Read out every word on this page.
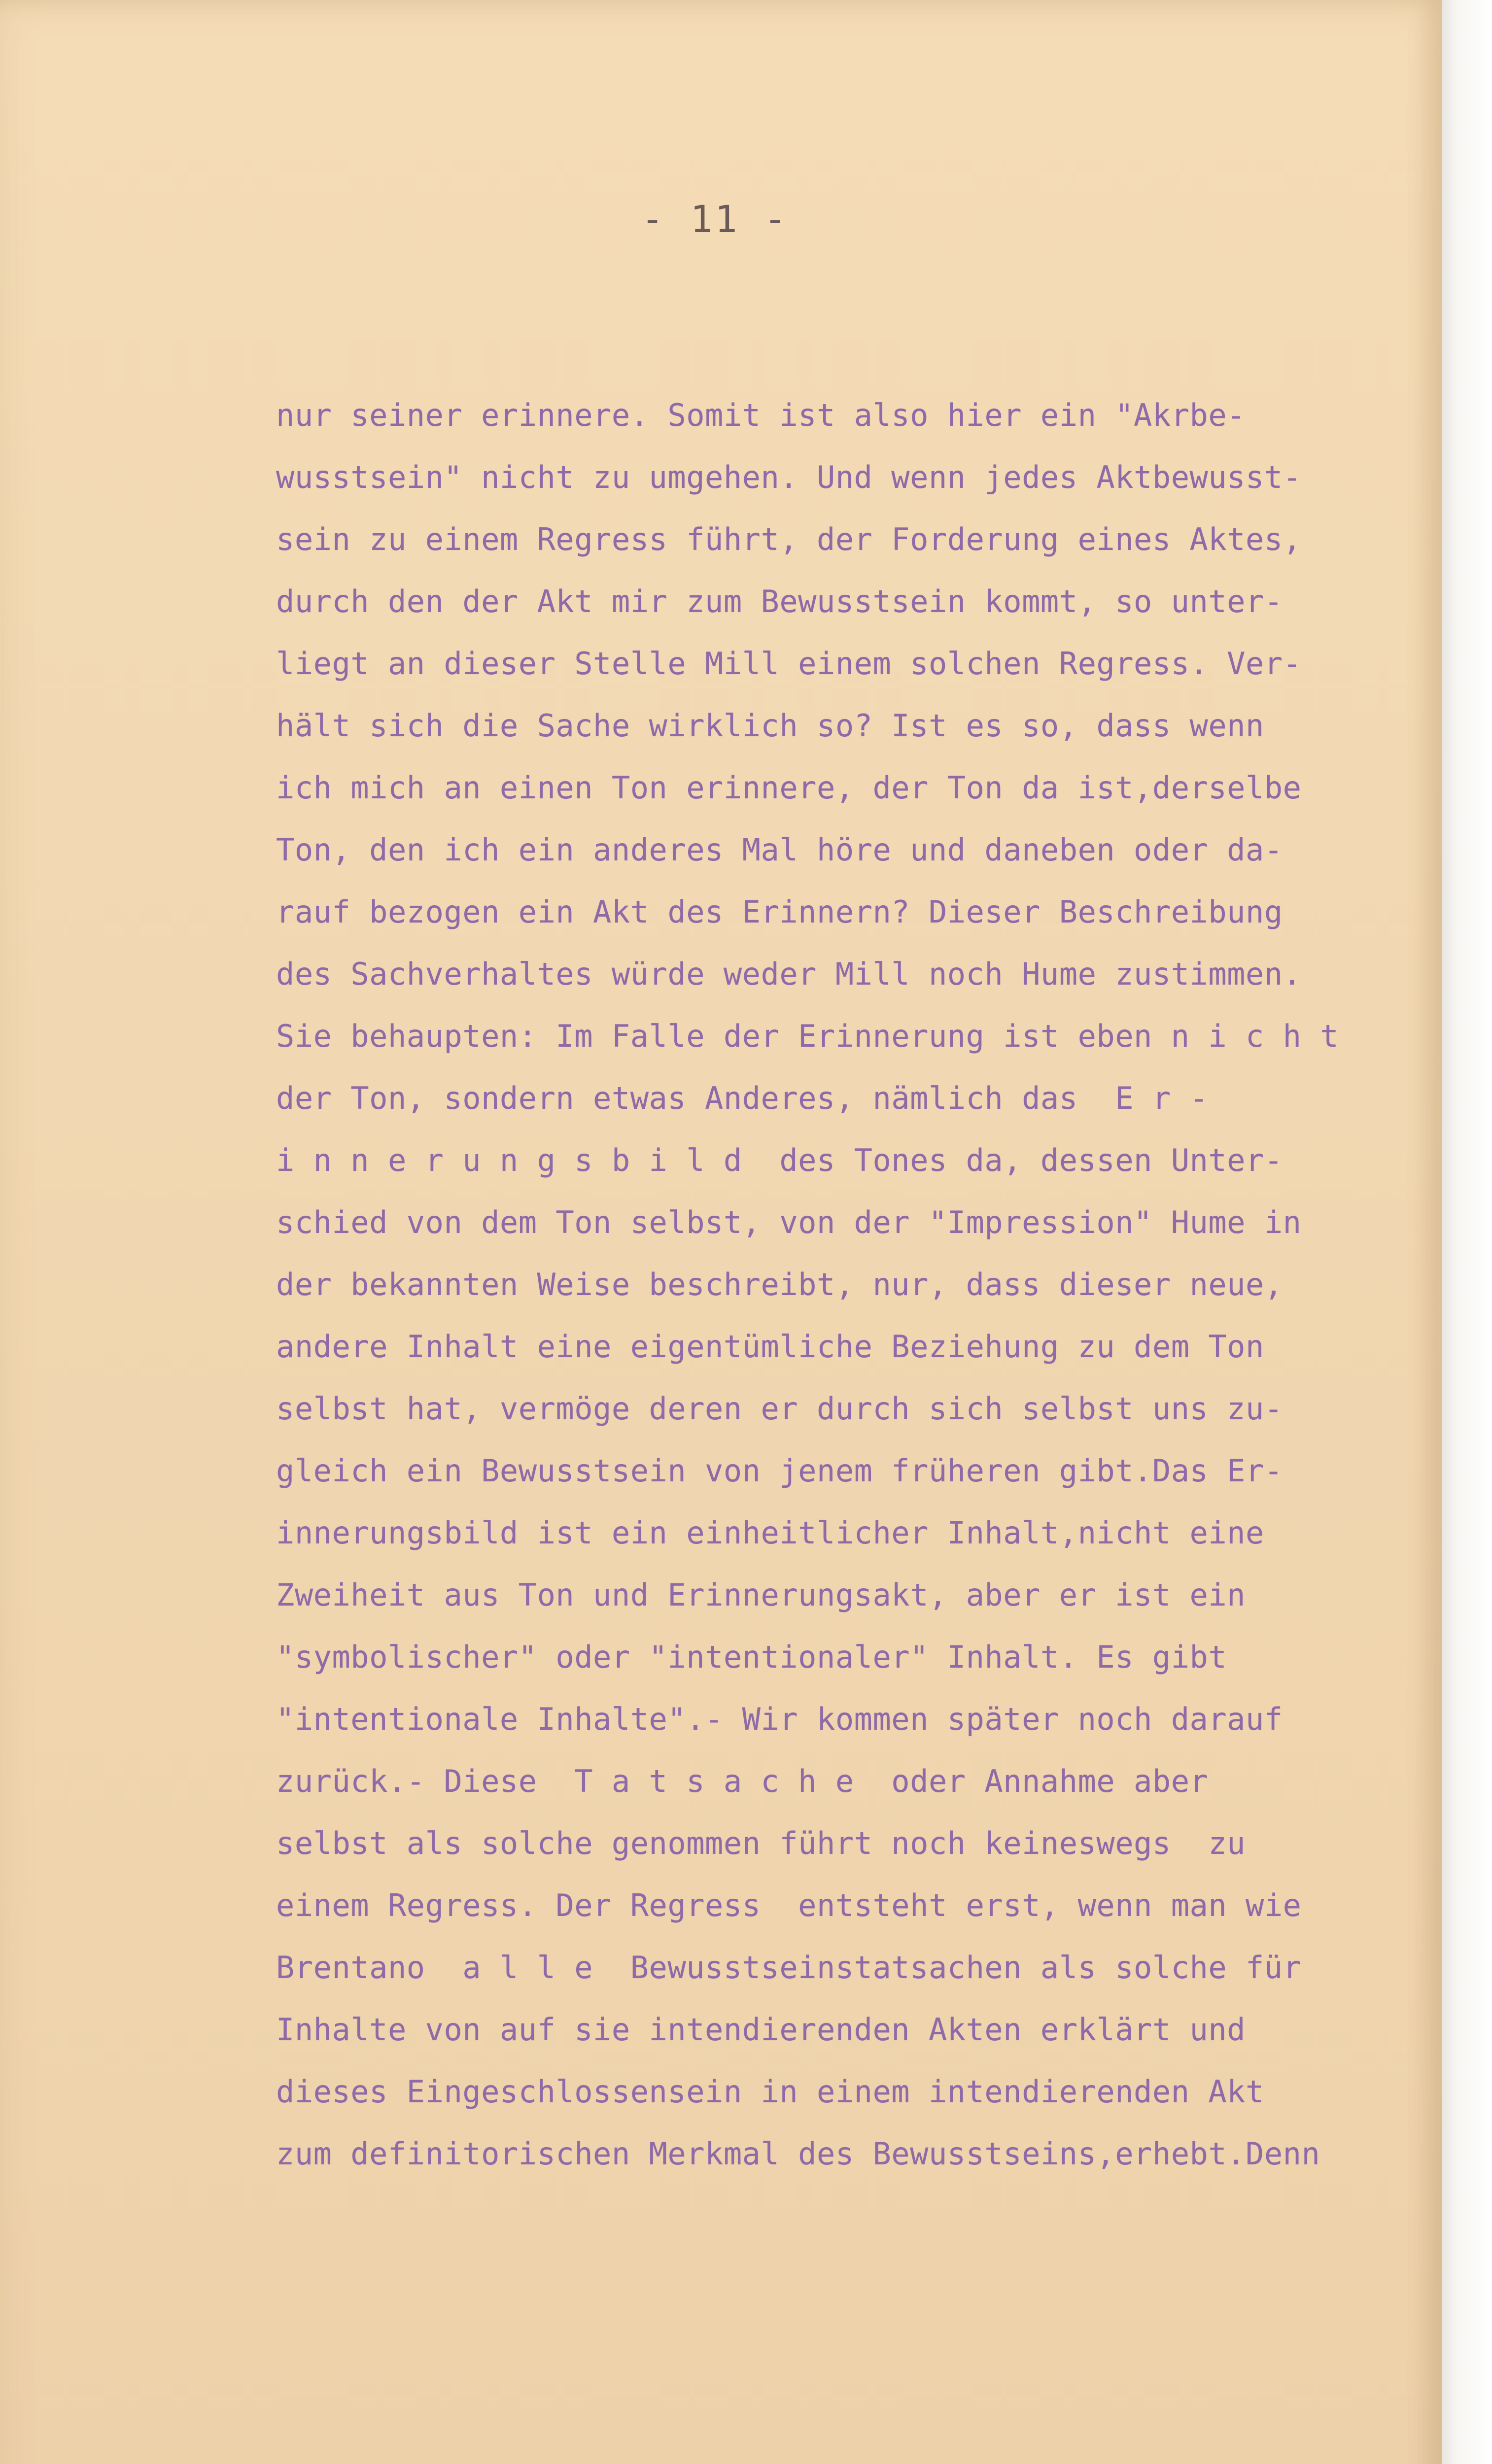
- 11 -
nur seiner erinnere. Somit ist also hier ein "Akrbe-
wusstsein" nicht zu umgehen. Und wenn jedes Aktbewusst-
sein zu einem Regress führt, der Forderung eines Aktes,
durch den der Akt mir zum Bewusstsein kommt, so unter-
liegt an dieser Stelle Mill einem solchen Regress. Ver-
hält sich die Sache wirklich so? Ist es so, dass wenn
ich mich an einen Ton erinnere, der Ton da ist,derselbe
Ton, den ich ein anderes Mal höre und daneben oder da-
rauf bezogen ein Akt des Erinnern? Dieser Beschreibung
des Sachverhaltes würde weder Mill noch Hume zustimmen.
Sie behaupten: Im Falle der Erinnerung ist eben n i c h t
der Ton, sondern etwas Anderes, nämlich das  E r -
i n n e r u n g s b i l d  des Tones da, dessen Unter-
schied von dem Ton selbst, von der "Impression" Hume in
der bekannten Weise beschreibt, nur, dass dieser neue,
andere Inhalt eine eigentümliche Beziehung zu dem Ton
selbst hat, vermöge deren er durch sich selbst uns zu-
gleich ein Bewusstsein von jenem früheren gibt.Das Er-
innerungsbild ist ein einheitlicher Inhalt,nicht eine
Zweiheit aus Ton und Erinnerungsakt, aber er ist ein
"symbolischer" oder "intentionaler" Inhalt. Es gibt
"intentionale Inhalte".- Wir kommen später noch darauf
zurück.- Diese  T a t s a c h e  oder Annahme aber
selbst als solche genommen führt noch keineswegs  zu
einem Regress. Der Regress  entsteht erst, wenn man wie
Brentano  a l l e  Bewusstseinstatsachen als solche für
Inhalte von auf sie intendierenden Akten erklärt und
dieses Eingeschlossensein in einem intendierenden Akt
zum definitorischen Merkmal des Bewusstseins,erhebt.Denn
